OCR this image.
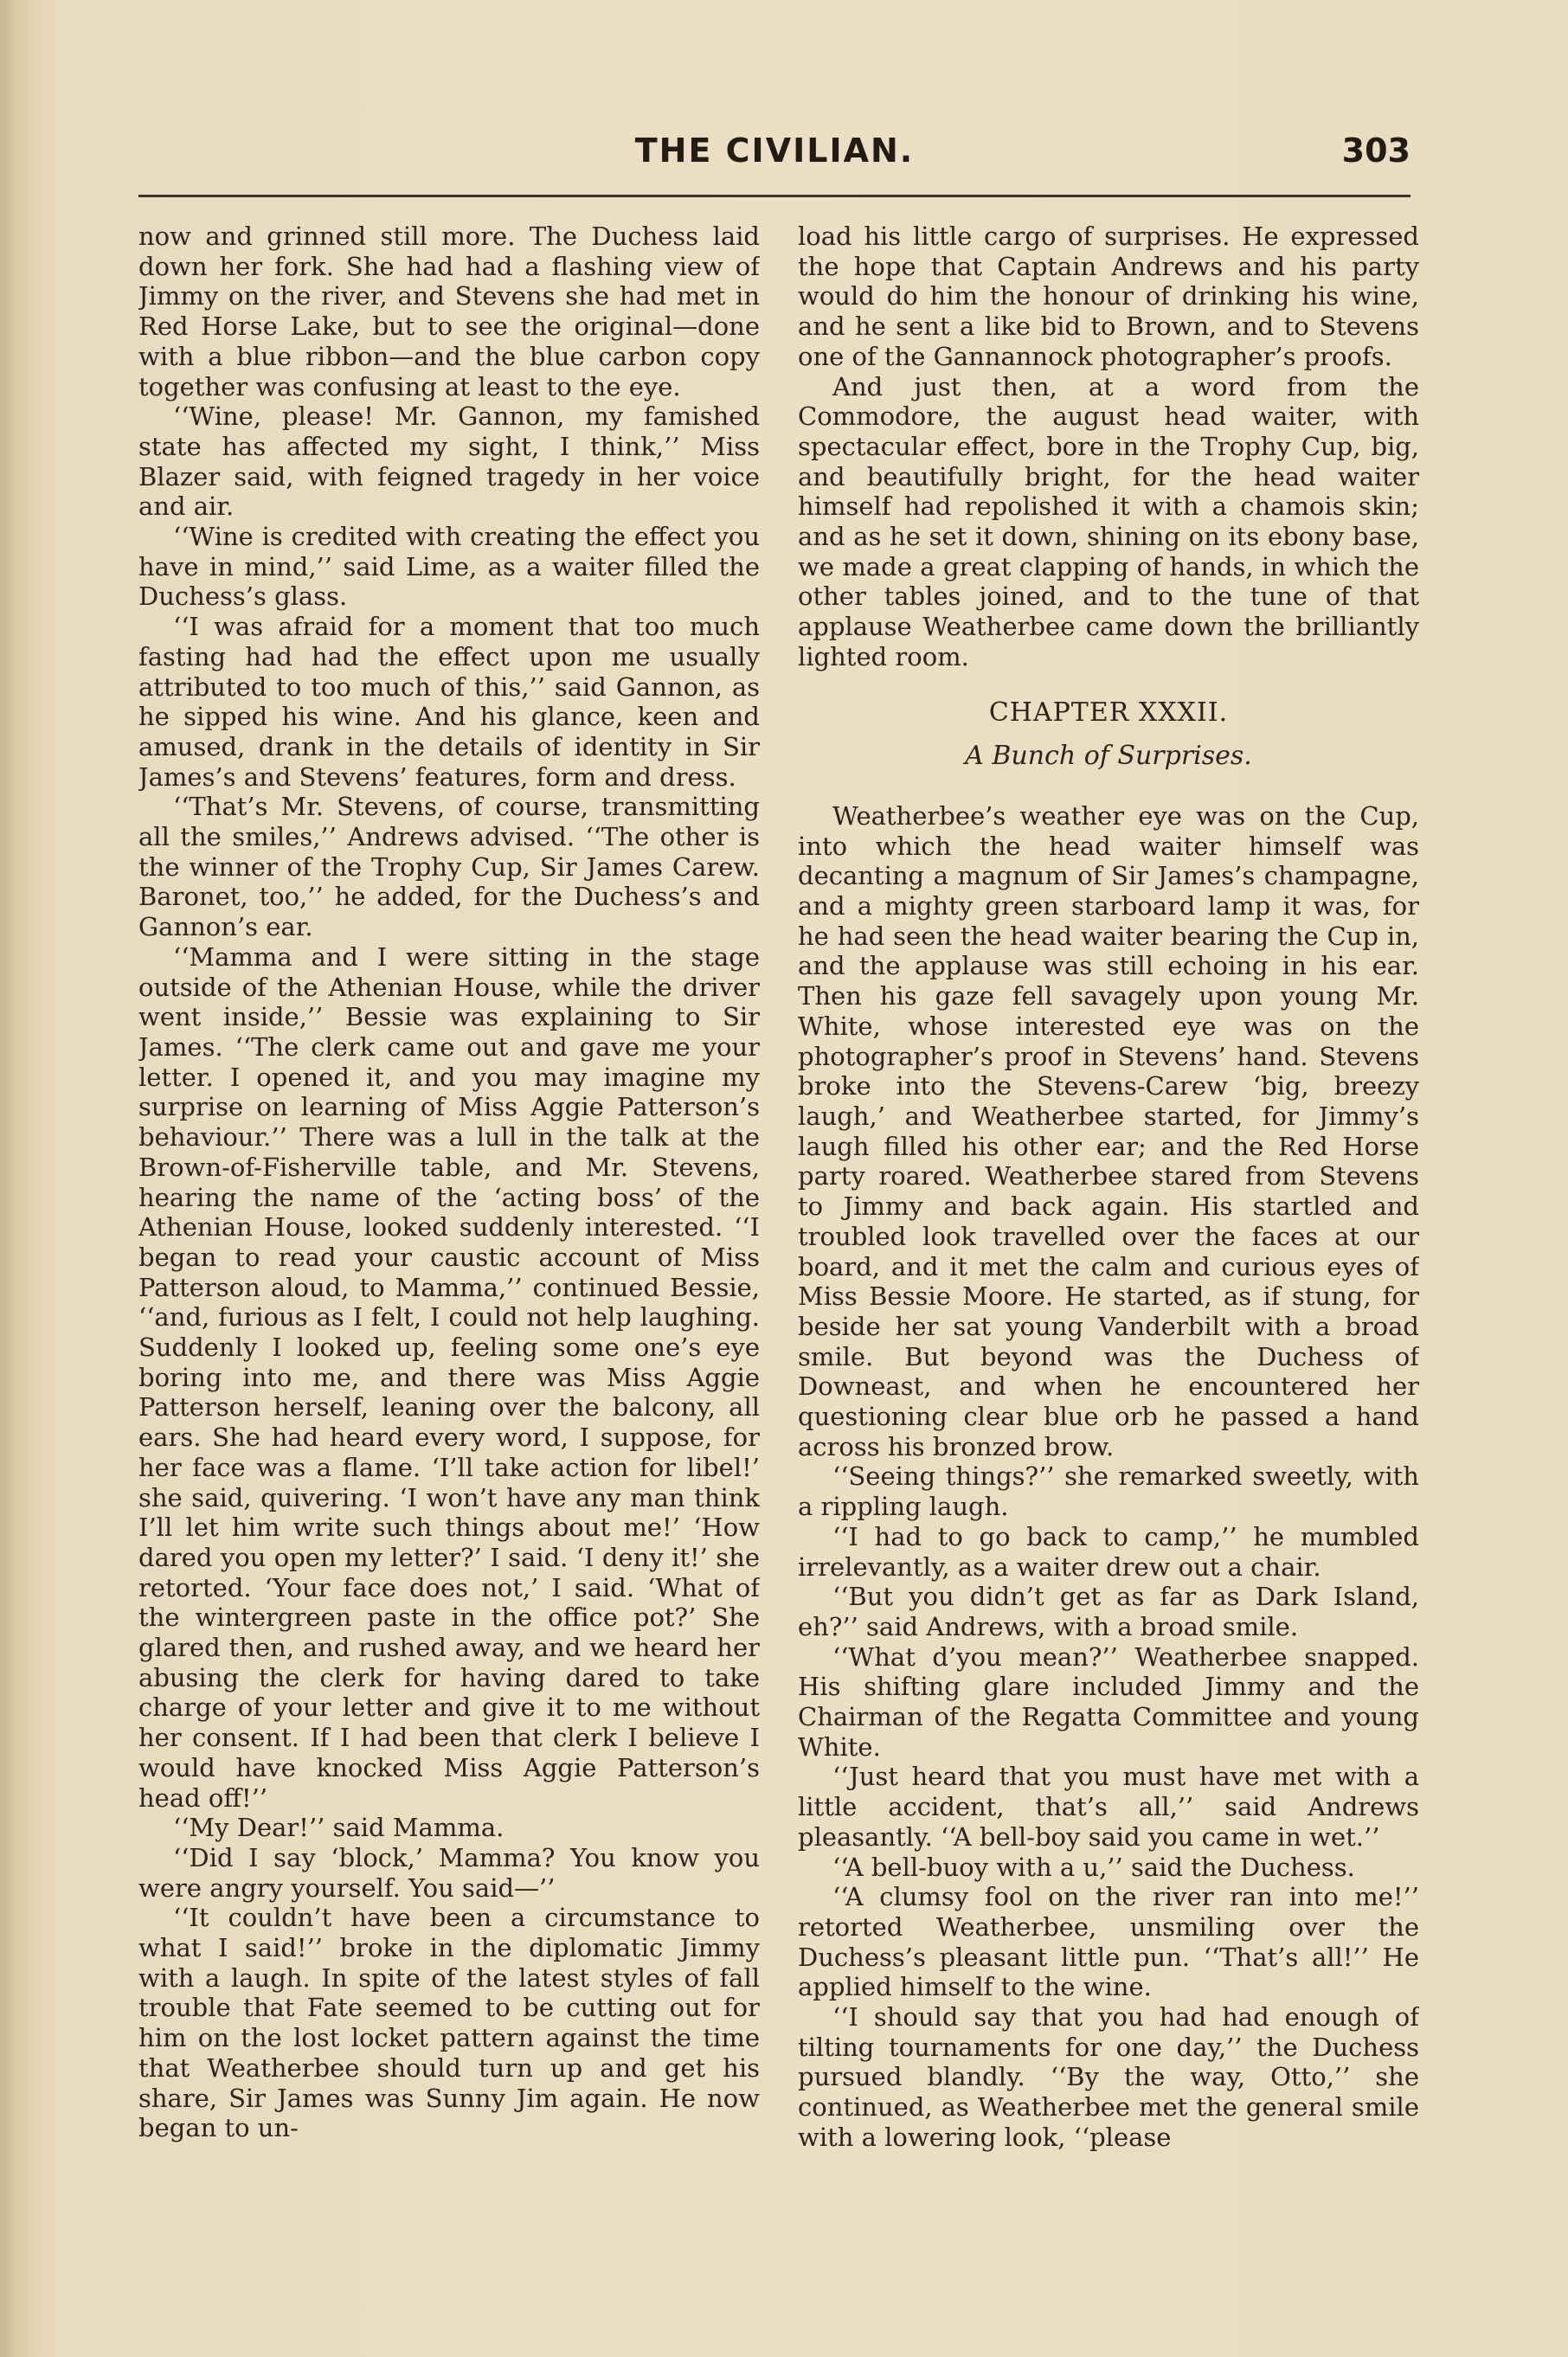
THE CIVILIAN.	303

now and grinned still more. The Duchess laid down her fork. She had had a flashing view of Jimmy on the river, and Stevens she had met in Red Horse Lake, but to see the original—done with a blue ribbon—and the blue carbon copy together was confusing at least to the eye.

‘‘Wine, please! Mr. Gannon, my famished state has affected my sight, I think,’’ Miss Blazer said, with feigned tragedy in her voice and air.

‘‘Wine is credited with creating the effect you have in mind,’’ said Lime, as a waiter filled the Duchess’s glass.

‘‘I was afraid for a moment that too much fasting had had the effect upon me usually attributed to too much of this,’’ said Gannon, as he sipped his wine. And his glance, keen and amused, drank in the details of identity in Sir James’s and Stevens’ features, form and dress.

‘‘That’s Mr. Stevens, of course, transmitting all the smiles,’’ Andrews advised. ‘‘The other is the winner of the Trophy Cup, Sir James Carew. Baronet, too,’’ he added, for the Duchess’s and Gannon’s ear.

‘‘Mamma and I were sitting in the stage outside of the Athenian House, while the driver went inside,’’ Bessie was explaining to Sir James. ‘‘The clerk came out and gave me your letter. I opened it, and you may imagine my surprise on learning of Miss Aggie Patterson’s behaviour.’’ There was a lull in the talk at the Brown-of-Fisherville table, and Mr. Stevens, hearing the name of the ‘acting boss’ of the Athenian House, looked suddenly interested. ‘‘I began to read your caustic account of Miss Patterson aloud, to Mamma,’’ continued Bessie, ‘‘and, furious as I felt, I could not help laughing. Suddenly I looked up, feeling some one’s eye boring into me, and there was Miss Aggie Patterson herself, leaning over the balcony, all ears. She had heard every word, I suppose, for her face was a flame. ‘I’ll take action for libel!’ she said, quivering. ‘I won’t have any man think I’ll let him write such things about me!’ ‘How dared you open my letter?’ I said. ‘I deny it!’ she retorted. ‘Your face does not,’ I said. ‘What of the wintergreen paste in the office pot?’ She glared then, and rushed away, and we heard her abusing the clerk for having dared to take charge of your letter and give it to me without her consent. If I had been that clerk I believe I would have knocked Miss Aggie Patterson’s head off!’’

‘‘My Dear!’’ said Mamma.

‘‘Did I say ‘block,’ Mamma? You know you were angry yourself. You said—’’

‘‘It couldn’t have been a circumstance to what I said!’’ broke in the diplomatic Jimmy with a laugh. In spite of the latest styles of fall trouble that Fate seemed to be cutting out for him on the lost locket pattern against the time that Weatherbee should turn up and get his share, Sir James was Sunny Jim again. He now began to un-

load his little cargo of surprises. He expressed the hope that Captain Andrews and his party would do him the honour of drinking his wine, and he sent a like bid to Brown, and to Stevens one of the Gannannock photographer’s proofs.

And just then, at a word from the Commodore, the august head waiter, with spectacular effect, bore in the Trophy Cup, big, and beautifully bright, for the head waiter himself had repolished it with a chamois skin; and as he set it down, shining on its ebony base, we made a great clapping of hands, in which the other tables joined, and to the tune of that applause Weatherbee came down the brilliantly lighted room.

CHAPTER XXXII.
A Bunch of Surprises.

Weatherbee’s weather eye was on the Cup, into which the head waiter himself was decanting a magnum of Sir James’s champagne, and a mighty green starboard lamp it was, for he had seen the head waiter bearing the Cup in, and the applause was still echoing in his ear. Then his gaze fell savagely upon young Mr. White, whose interested eye was on the photographer’s proof in Stevens’ hand. Stevens broke into the Stevens-Carew ‘big, breezy laugh,’ and Weatherbee started, for Jimmy’s laugh filled his other ear; and the Red Horse party roared. Weatherbee stared from Stevens to Jimmy and back again. His startled and troubled look travelled over the faces at our board, and it met the calm and curious eyes of Miss Bessie Moore. He started, as if stung, for beside her sat young Vanderbilt with a broad smile. But beyond was the Duchess of Downeast, and when he encountered her questioning clear blue orb he passed a hand across his bronzed brow.

‘‘Seeing things?’’ she remarked sweetly, with a rippling laugh.

‘‘I had to go back to camp,’’ he mumbled irrelevantly, as a waiter drew out a chair.

‘‘But you didn’t get as far as Dark Island, eh?’’ said Andrews, with a broad smile.

‘‘What d’you mean?’’ Weatherbee snapped. His shifting glare included Jimmy and the Chairman of the Regatta Committee and young White.

‘‘Just heard that you must have met with a little accident, that’s all,’’ said Andrews pleasantly. ‘‘A bell-boy said you came in wet.’’

‘‘A bell-buoy with a u,’’ said the Duchess.

‘‘A clumsy fool on the river ran into me!’’ retorted Weatherbee, unsmiling over the Duchess’s pleasant little pun. ‘‘That’s all!’’ He applied himself to the wine.

‘‘I should say that you had had enough of tilting tournaments for one day,’’ the Duchess pursued blandly. ‘‘By the way, Otto,’’ she continued, as Weatherbee met the general smile with a lowering look, ‘‘please
